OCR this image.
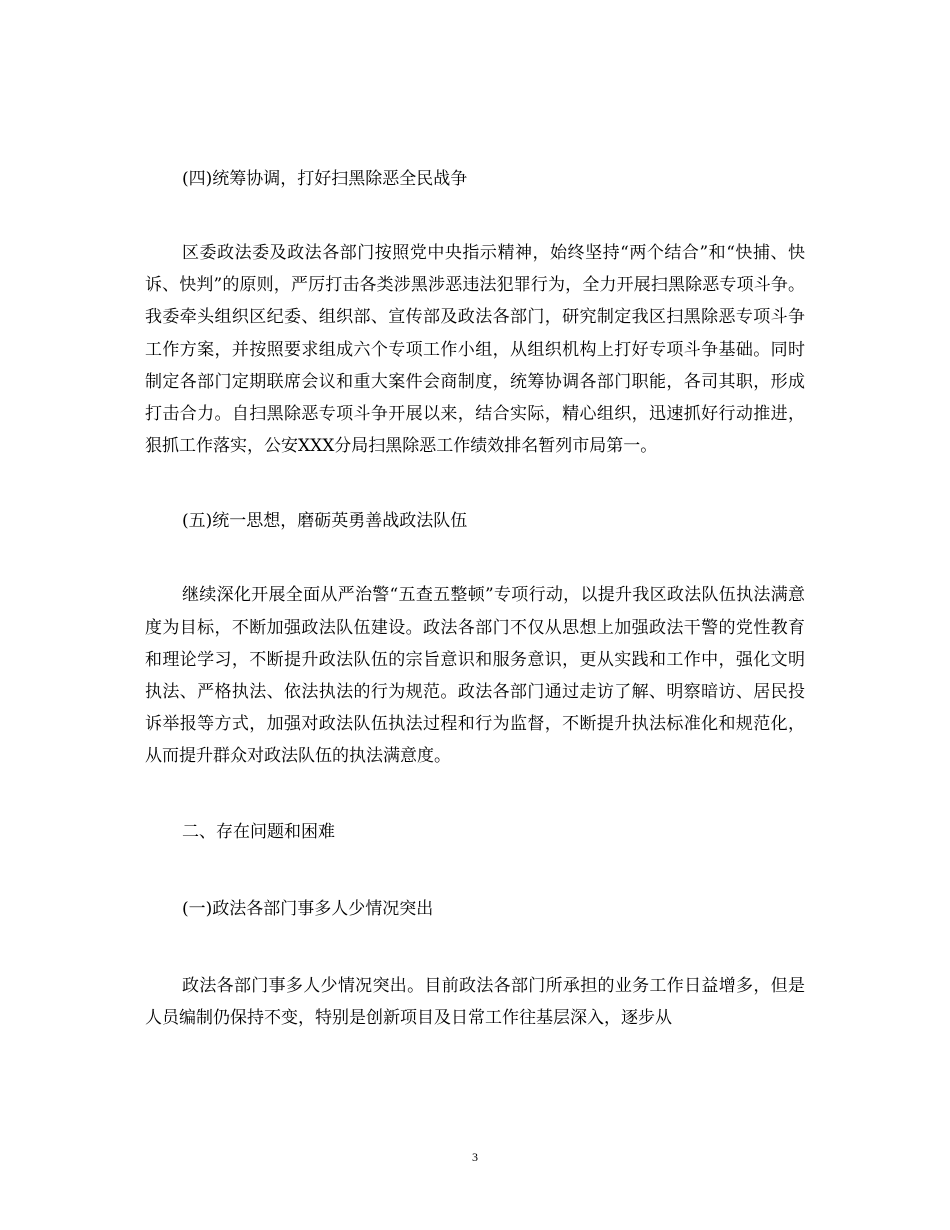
(四)统筹协调，打好扫黑除恶全民战争

区委政法委及政法各部门按照党中央指示精神，始终坚持“两个结合”和“快捕、快诉、快判”的原则，严厉打击各类涉黑涉恶违法犯罪行为，全力开展扫黑除恶专项斗争。我委牵头组织区纪委、组织部、宣传部及政法各部门，研究制定我区扫黑除恶专项斗争工作方案，并按照要求组成六个专项工作小组，从组织机构上打好专项斗争基础。同时制定各部门定期联席会议和重大案件会商制度，统筹协调各部门职能，各司其职，形成打击合力。自扫黑除恶专项斗争开展以来，结合实际，精心组织，迅速抓好行动推进，狠抓工作落实，公安XXX分局扫黑除恶工作绩效排名暂列市局第一。

(五)统一思想，磨砺英勇善战政法队伍

继续深化开展全面从严治警“五查五整顿”专项行动，以提升我区政法队伍执法满意度为目标，不断加强政法队伍建设。政法各部门不仅从思想上加强政法干警的党性教育和理论学习，不断提升政法队伍的宗旨意识和服务意识，更从实践和工作中，强化文明执法、严格执法、依法执法的行为规范。政法各部门通过走访了解、明察暗访、居民投诉举报等方式，加强对政法队伍执法过程和行为监督，不断提升执法标准化和规范化，从而提升群众对政法队伍的执法满意度。

二、存在问题和困难

(一)政法各部门事多人少情况突出

政法各部门事多人少情况突出。目前政法各部门所承担的业务工作日益增多，但是人员编制仍保持不变，特别是创新项目及日常工作往基层深入，逐步从

3
